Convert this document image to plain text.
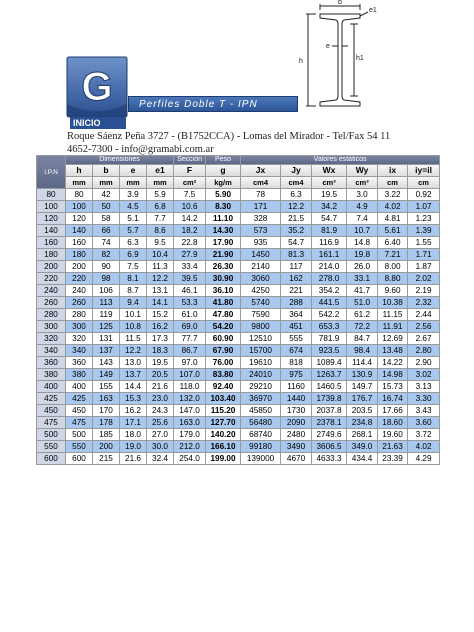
G	Perfiles Doble T - IPN
INICIO
Roque Sáenz Peña 3727 - (B1752CCA) - Lomas del Mirador - Tel/Fax 54 11 4652-7300 - info@gramabi.com.ar
b
e1
e
h	h1
I.P.N	Dimensiones				Sección	Peso	Valores estáticos					
	h	b	e	e1	F	g	Jx	Jy	Wx	Wy	ix	iy=il
	mm	mm	mm	mm	cm²	kg/m	cm4	cm4	cm³	cm³	cm	cm
80	80	42	3.9	5.9	7.5	5.90	78	6.3	19.5	3.0	3.22	0.92
100	100	50	4.5	6.8	10.6	8.30	171	12.2	34.2	4.9	4.02	1.07
120	120	58	5.1	7.7	14.2	11.10	328	21.5	54.7	7.4	4.81	1.23
140	140	66	5.7	8.6	18.2	14.30	573	35.2	81.9	10.7	5.61	1.39
160	160	74	6.3	9.5	22.8	17.90	935	54.7	116.9	14.8	6.40	1.55
180	180	82	6.9	10.4	27.9	21.90	1450	81.3	161.1	19.8	7.21	1.71
200	200	90	7.5	11.3	33.4	26.30	2140	117	214.0	26.0	8.00	1.87
220	220	98	8.1	12.2	39.5	30.90	3060	162	278.0	33.1	8.80	2.02
240	240	106	8.7	13.1	46.1	36.10	4250	221	354.2	41.7	9.60	2.19
260	260	113	9.4	14.1	53.3	41.80	5740	288	441.5	51.0	10.38	2.32
280	280	119	10.1	15.2	61.0	47.80	7590	364	542.2	61.2	11.15	2.44
300	300	125	10.8	16.2	69.0	54.20	9800	451	653.3	72.2	11.91	2.56
320	320	131	11.5	17.3	77.7	60.90	12510	555	781.9	84.7	12.69	2.67
340	340	137	12.2	18.3	86.7	67.90	15700	674	923.5	98.4	13.48	2.80
360	360	143	13.0	19.5	97.0	76.00	19610	818	1089.4	114.4	14.22	2.90
380	380	149	13.7	20.5	107.0	83.80	24010	975	1263.7	130.9	14.98	3.02
400	400	155	14.4	21.6	118.0	92.40	29210	1160	1460.5	149.7	15.73	3.13
425	425	163	15.3	23.0	132.0	103.40	36970	1440	1739.8	176.7	16.74	3.30
450	450	170	16.2	24.3	147.0	115.20	45850	1730	2037.8	203.5	17.66	3.43
475	475	178	17.1	25.6	163.0	127.70	56480	2090	2378.1	234.8	18.60	3.60
500	500	185	18.0	27.0	179.0	140.20	68740	2480	2749.6	268.1	19.60	3.72
550	550	200	19.0	30.0	212.0	166.10	99180	3490	3606.5	349.0	21.63	4.02
600	600	215	21.6	32.4	254.0	199.00	139000	4670	4633.3	434.4	23.39	4.29
